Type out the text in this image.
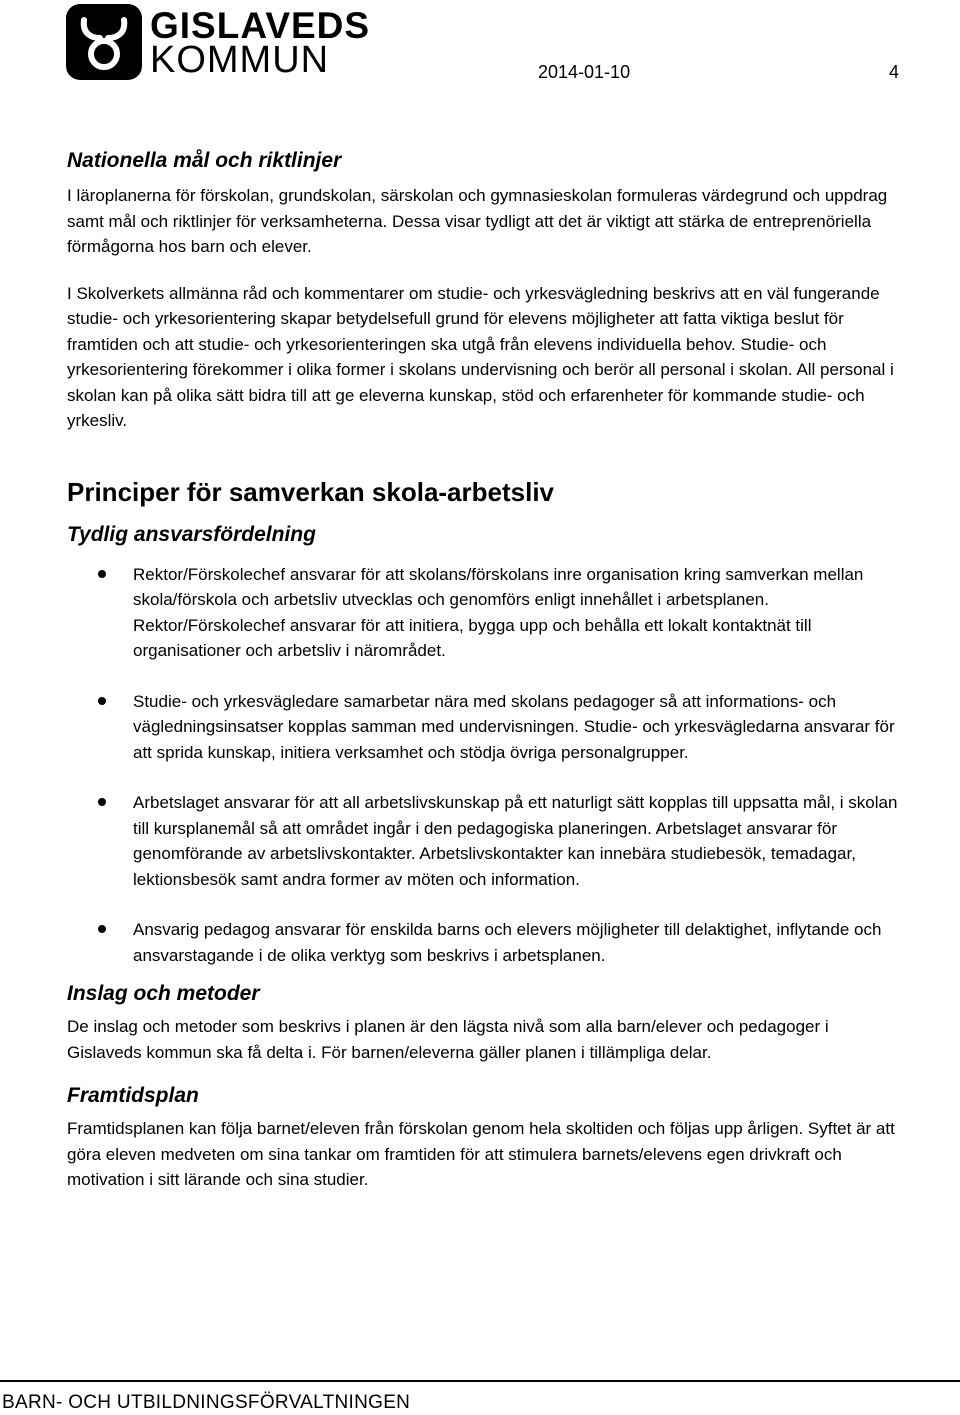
GISLAVEDS
KOMMUN	2014-01-10	4
Nationella mål och riktlinjer

I läroplanerna för förskolan, grundskolan, särskolan och gymnasieskolan formuleras värdegrund och uppdrag samt mål och riktlinjer för verksamheterna. Dessa visar tydligt att det är viktigt att stärka de entreprenöriella förmågorna hos barn och elever.

I Skolverkets allmänna råd och kommentarer om studie- och yrkesvägledning beskrivs att en väl fungerande studie- och yrkesorientering skapar betydelsefull grund för elevens möjligheter att fatta viktiga beslut för framtiden och att studie- och yrkesorienteringen ska utgå från elevens individuella behov. Studie- och yrkesorientering förekommer i olika former i skolans undervisning och berör all personal i skolan. All personal i skolan kan på olika sätt bidra till att ge eleverna kunskap, stöd och erfarenheter för kommande studie- och yrkesliv.

Principer för samverkan skola-arbetsliv
Tydlig ansvarsfördelning
Rektor/Förskolechef ansvarar för att skolans/förskolans inre organisation kring samverkan mellan skola/förskola och arbetsliv utvecklas och genomförs enligt innehållet i arbetsplanen. Rektor/Förskolechef ansvarar för att initiera, bygga upp och behålla ett lokalt kontaktnät till organisationer och arbetsliv i närområdet.
Studie- och yrkesvägledare samarbetar nära med skolans pedagoger så att informations- och vägledningsinsatser kopplas samman med undervisningen. Studie- och yrkesvägledarna ansvarar för att sprida kunskap, initiera verksamhet och stödja övriga personalgrupper.
Arbetslaget ansvarar för att all arbetslivskunskap på ett naturligt sätt kopplas till uppsatta mål, i skolan till kursplanemål så att området ingår i den pedagogiska planeringen. Arbetslaget ansvarar för genomförande av arbetslivskontakter. Arbetslivskontakter kan innebära studiebesök, temadagar, lektionsbesök samt andra former av möten och information.
Ansvarig pedagog ansvarar för enskilda barns och elevers möjligheter till delaktighet, inflytande och ansvarstagande i de olika verktyg som beskrivs i arbetsplanen.
Inslag och metoder

De inslag och metoder som beskrivs i planen är den lägsta nivå som alla barn/elever och pedagoger i Gislaveds kommun ska få delta i. För barnen/eleverna gäller planen i tillämpliga delar.

Framtidsplan

Framtidsplanen kan följa barnet/eleven från förskolan genom hela skoltiden och följas upp årligen. Syftet är att göra eleven medveten om sina tankar om framtiden för att stimulera barnets/elevens egen drivkraft och motivation i sitt lärande och sina studier.

BARN- OCH UTBILDNINGSFÖRVALTNINGEN
